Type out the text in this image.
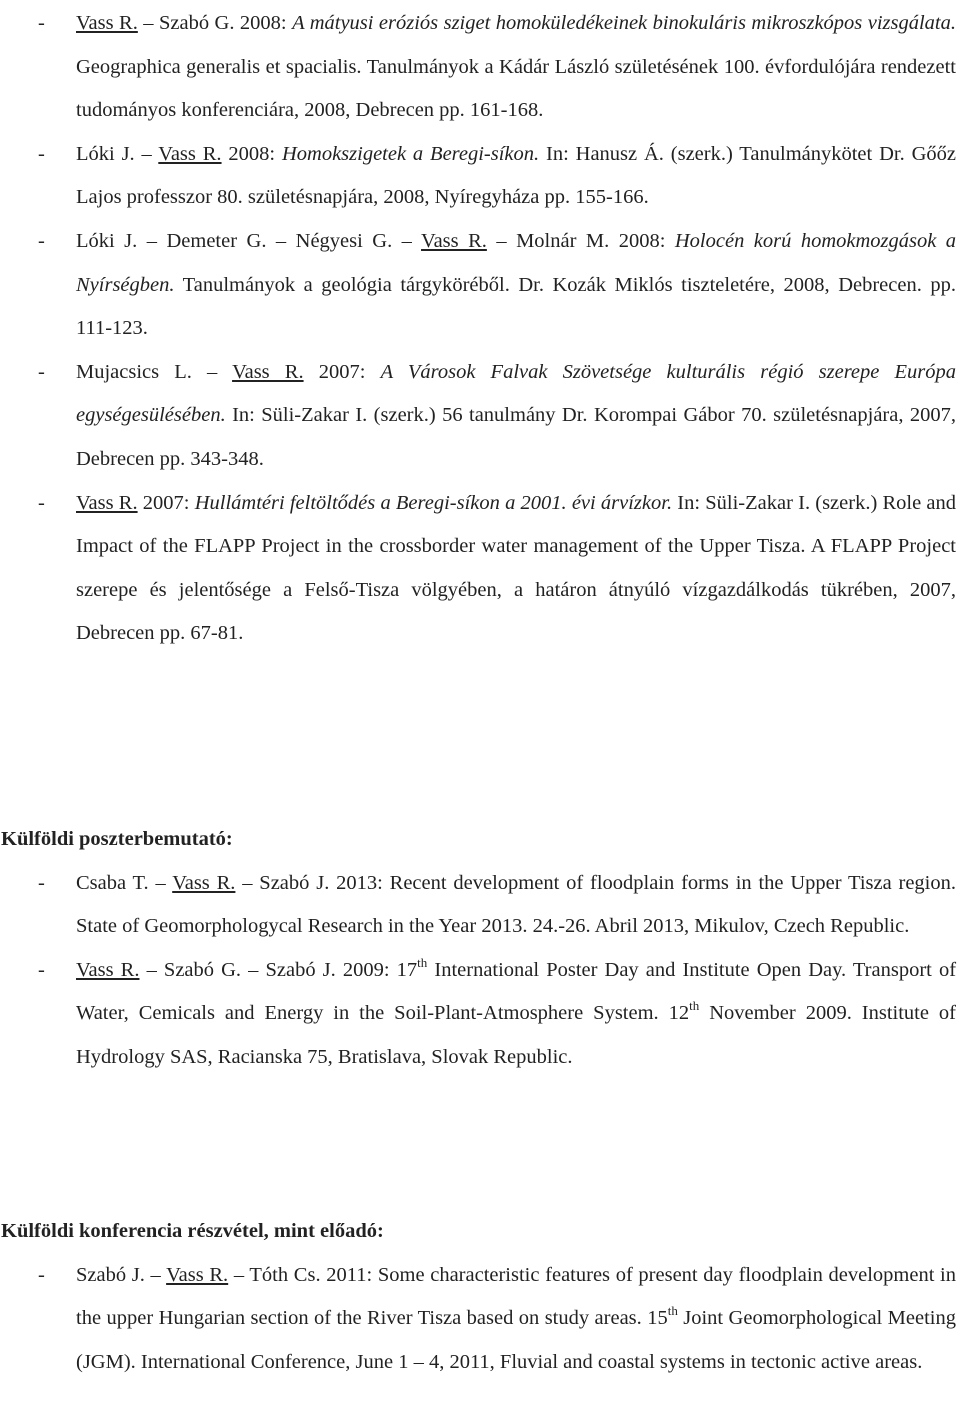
- Vass R. – Szabó G. 2008: A mátyusi eróziós sziget homoküledékeinek binokuláris mikroszkópos vizsgálata. Geographica generalis et spacialis. Tanulmányok a Kádár László születésének 100. évfordulójára rendezett tudományos konferenciára, 2008, Debrecen pp. 161-168.
- Lóki J. – Vass R. 2008: Homokszigetek a Beregi-síkon. In: Hanusz Á. (szerk.) Tanulmánykötet Dr. Gőőz Lajos professzor 80. születésnapjára, 2008, Nyíregyháza pp. 155-166.
- Lóki J. – Demeter G. – Négyesi G. – Vass R. – Molnár M. 2008: Holocén korú homokmozgások a Nyírségben. Tanulmányok a geológia tárgyköréből. Dr. Kozák Miklós tiszteletére, 2008, Debrecen. pp. 111-123.
- Mujacsics L. – Vass R. 2007: A Városok Falvak Szövetsége kulturális régió szerepe Európa egységesülésében. In: Süli-Zakar I. (szerk.) 56 tanulmány Dr. Korompai Gábor 70. születésnapjára, 2007, Debrecen pp. 343-348.
- Vass R. 2007: Hullámtéri feltöltődés a Beregi-síkon a 2001. évi árvízkor. In: Süli-Zakar I. (szerk.) Role and Impact of the FLAPP Project in the crossborder water management of the Upper Tisza. A FLAPP Project szerepe és jelentősége a Felső-Tisza völgyében, a határon átnyúló vízgazdálkodás tükrében, 2007, Debrecen pp. 67-81.
Külföldi poszterbemutató:
- Csaba T. – Vass R. – Szabó J. 2013: Recent development of floodplain forms in the Upper Tisza region. State of Geomorphologycal Research in the Year 2013. 24.-26. Abril 2013, Mikulov, Czech Republic.
- Vass R. – Szabó G. – Szabó J. 2009: 17th International Poster Day and Institute Open Day. Transport of Water, Cemicals and Energy in the Soil-Plant-Atmosphere System. 12th November 2009. Institute of Hydrology SAS, Racianska 75, Bratislava, Slovak Republic.
Külföldi konferencia részvétel, mint előadó:
- Szabó J. – Vass R. – Tóth Cs. 2011: Some characteristic features of present day floodplain development in the upper Hungarian section of the River Tisza based on study areas. 15th Joint Geomorphological Meeting (JGM). International Conference, June 1 – 4, 2011, Fluvial and coastal systems in tectonic active areas.
